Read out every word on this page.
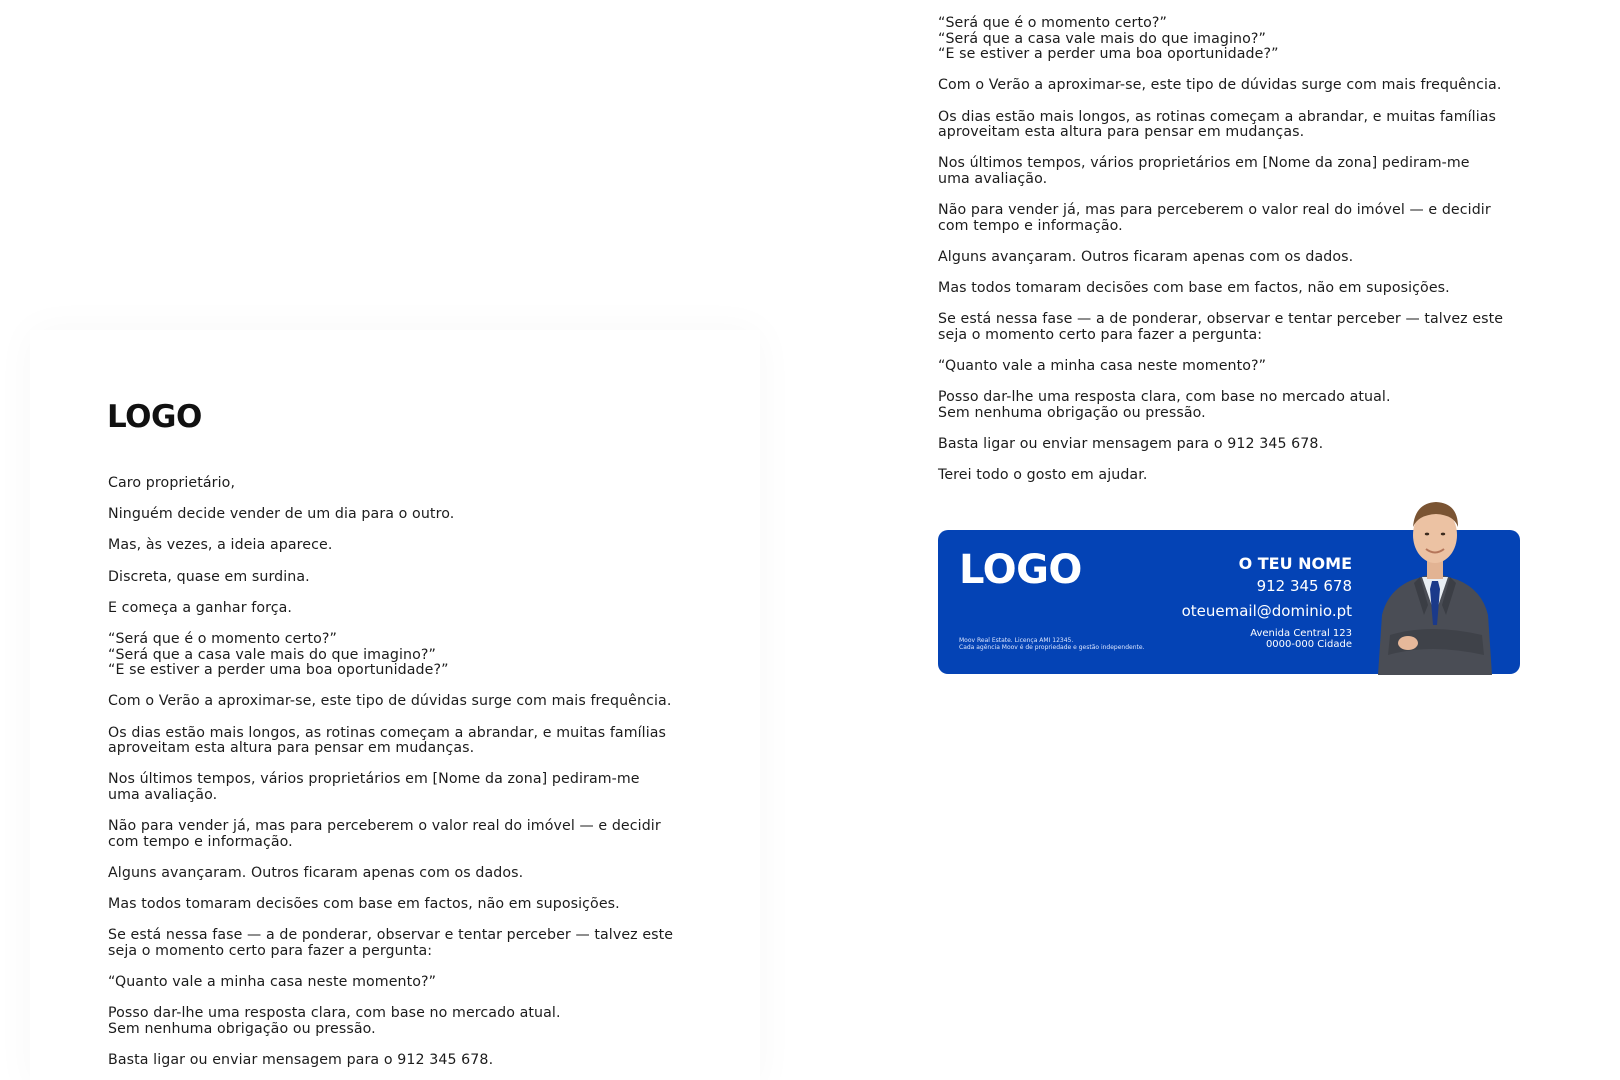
LOGO

Caro proprietário,

Ninguém decide vender de um dia para o outro.

Mas, às vezes, a ideia aparece.

Discreta, quase em surdina.

E começa a ganhar força.

“Será que é o momento certo?”
“Será que a casa vale mais do que imagino?”
“E se estiver a perder uma boa oportunidade?”

Com o Verão a aproximar-se, este tipo de dúvidas surge com mais frequência.

Os dias estão mais longos, as rotinas começam a abrandar, e muitas famílias
aproveitam esta altura para pensar em mudanças.

Nos últimos tempos, vários proprietários em [Nome da zona] pediram-me
uma avaliação.

Não para vender já, mas para perceberem o valor real do imóvel — e decidir
com tempo e informação.

Alguns avançaram. Outros ficaram apenas com os dados.

Mas todos tomaram decisões com base em factos, não em suposições.

Se está nessa fase — a de ponderar, observar e tentar perceber — talvez este
seja o momento certo para fazer a pergunta:

“Quanto vale a minha casa neste momento?”

Posso dar-lhe uma resposta clara, com base no mercado atual.
Sem nenhuma obrigação ou pressão.

Basta ligar ou enviar mensagem para o 912 345 678.

“Será que é o momento certo?”
“Será que a casa vale mais do que imagino?”
“E se estiver a perder uma boa oportunidade?”

Com o Verão a aproximar-se, este tipo de dúvidas surge com mais frequência.

Os dias estão mais longos, as rotinas começam a abrandar, e muitas famílias
aproveitam esta altura para pensar em mudanças.

Nos últimos tempos, vários proprietários em [Nome da zona] pediram-me
uma avaliação.

Não para vender já, mas para perceberem o valor real do imóvel — e decidir
com tempo e informação.

Alguns avançaram. Outros ficaram apenas com os dados.

Mas todos tomaram decisões com base em factos, não em suposições.

Se está nessa fase — a de ponderar, observar e tentar perceber — talvez este
seja o momento certo para fazer a pergunta:

“Quanto vale a minha casa neste momento?”

Posso dar-lhe uma resposta clara, com base no mercado atual.
Sem nenhuma obrigação ou pressão.

Basta ligar ou enviar mensagem para o 912 345 678.

Terei todo o gosto em ajudar.

LOGO
Moov Real Estate. Licença AMI 12345.
Cada agência Moov é de propriedade e gestão independente.
O TEU NOME
912 345 678
oteuemail@dominio.pt
Avenida Central 123
0000-000 Cidade
